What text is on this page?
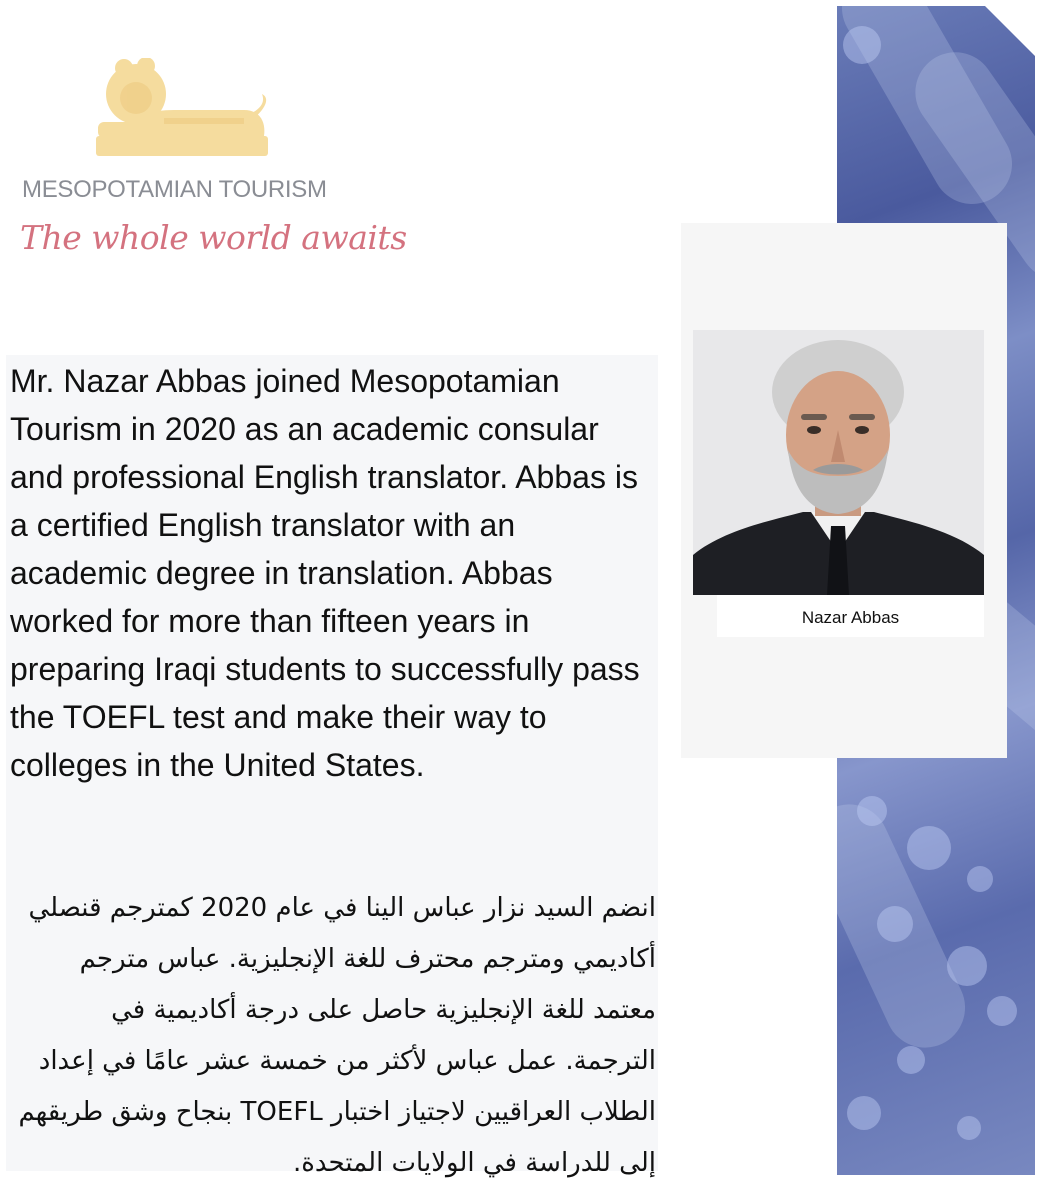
MESOPOTAMIAN TOURISM
The whole world awaits
Nazar Abbas

Mr. Nazar Abbas joined Mesopotamian Tourism in 2020 as an academic consular and professional English translator. Abbas is a certified English translator with an academic degree in translation. Abbas worked for more than fifteen years in preparing Iraqi students to successfully pass the TOEFL test and make their way to colleges in the United States.

انضم السيد نزار عباس الينا في عام 2020 كمترجم قنصلي أكاديمي ومترجم محترف للغة الإنجليزية. عباس مترجم معتمد للغة الإنجليزية حاصل على درجة أكاديمية في الترجمة. عمل عباس لأكثر من خمسة عشر عامًا في إعداد الطلاب العراقيين لاجتياز اختبار TOEFL بنجاح وشق طريقهم إلى للدراسة في الولايات المتحدة.
